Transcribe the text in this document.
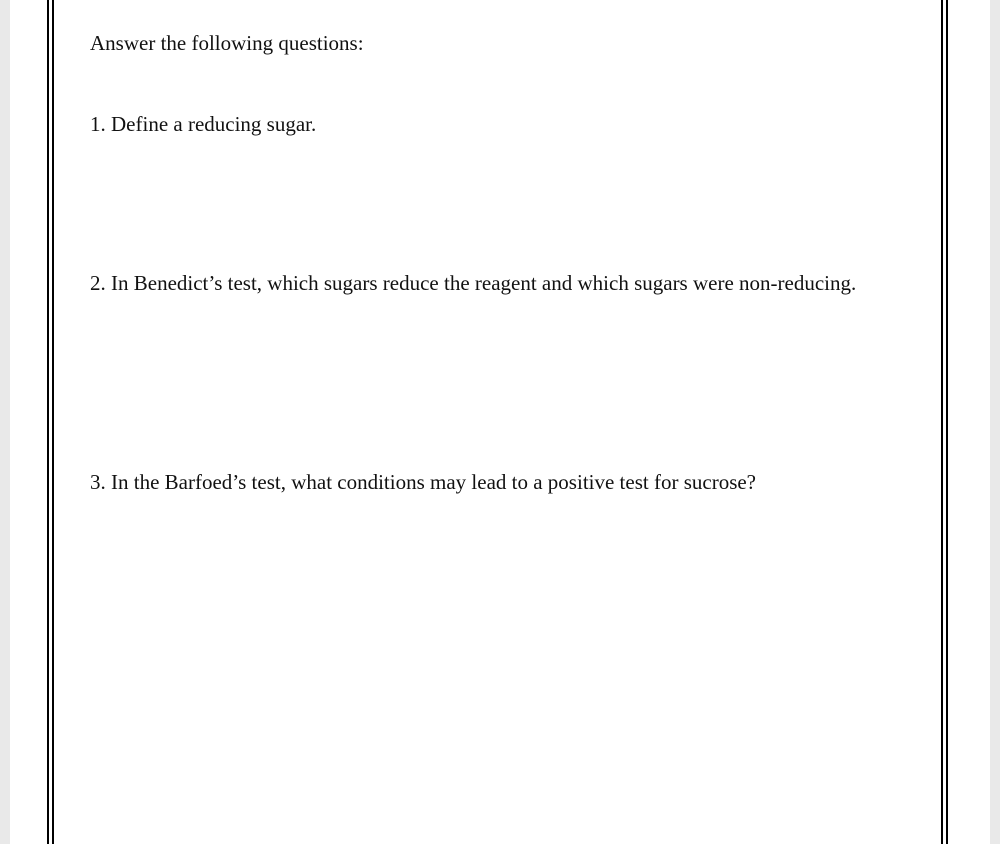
Answer the following questions:
1. Define a reducing sugar.
2. In Benedict’s test, which sugars reduce the reagent and which sugars were non-reducing.
3. In the Barfoed’s test, what conditions may lead to a positive test for sucrose?
